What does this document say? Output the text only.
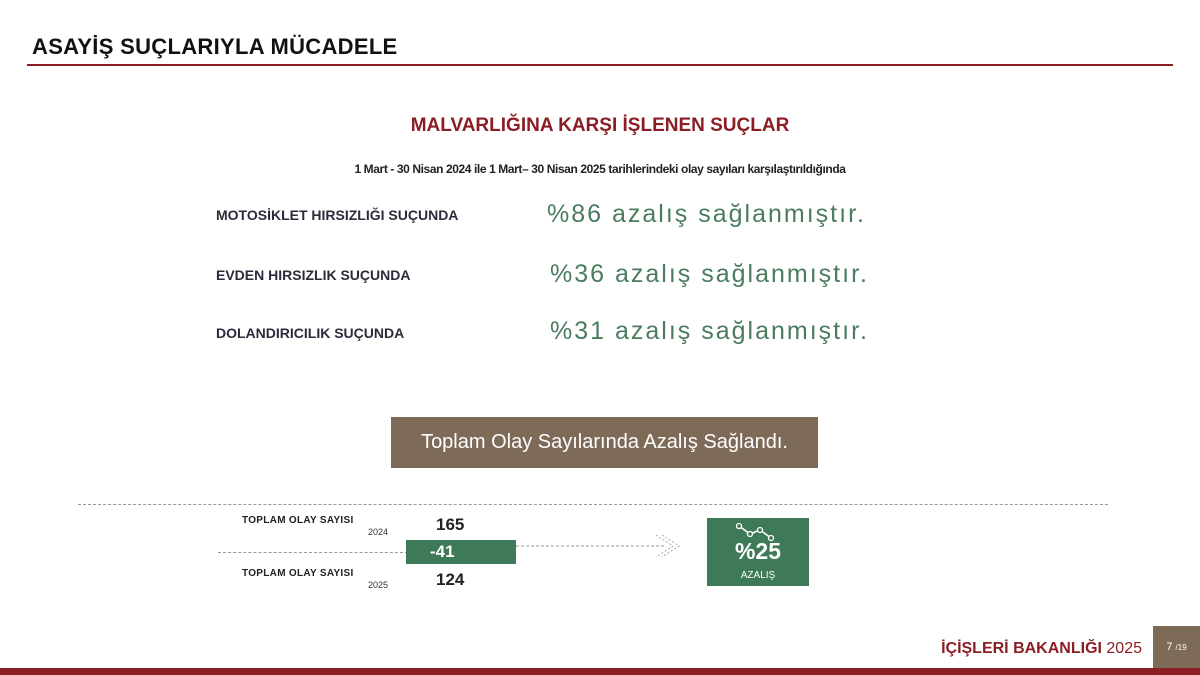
ASAYİŞ SUÇLARIYLA MÜCADELE
MALVARLIĞINA KARŞI İŞLENEN SUÇLAR
1 Mart - 30 Nisan 2024 ile 1 Mart– 30 Nisan 2025 tarihlerindeki olay sayıları karşılaştırıldığında
MOTOSİKLET HIRSIZLIĞI SUÇUNDA	%86 azalış sağlanmıştır.
EVDEN HIRSIZLIK SUÇUNDA	%36 azalış sağlanmıştır.
DOLANDIRICILIK SUÇUNDA	%31 azalış sağlanmıştır.
Toplam Olay Sayılarında Azalış Sağlandı.
TOPLAM OLAY SAYISI
2024	165
-41
TOPLAM OLAY SAYISI
2025	124
%25
AZALIŞ
İÇİŞLERİ BAKANLIĞI 2025	7 /19
